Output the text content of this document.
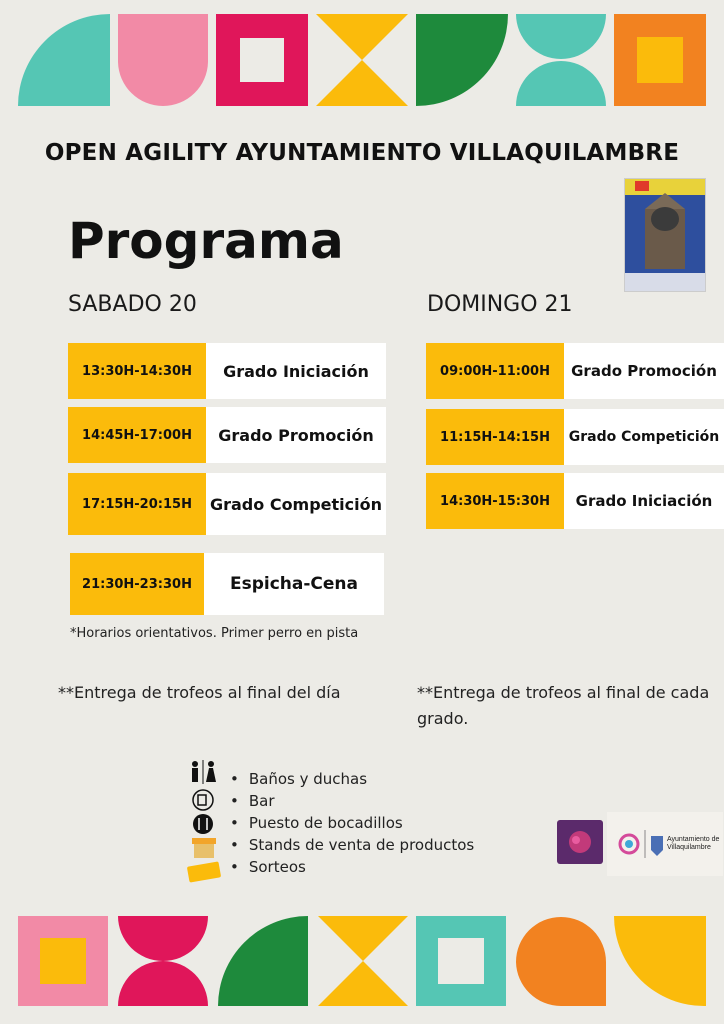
OPEN AGILITY AYUNTAMIENTO VILLAQUILAMBRE
Programa
SABADO 20	DOMINGO 21
13:30H-14:30H	Grado Iniciación
14:45H-17:00H	Grado Promoción
17:15H-20:15H	Grado Competición
21:30H-23:30H	Espicha-Cena
09:00H-11:00H	Grado Promoción
11:15H-14:15H	Grado Competición
14:30H-15:30H	Grado Iniciación
*Horarios orientativos. Primer perro en pista
**Entrega de trofeos al final del día	**Entrega de trofeos al final de cada grado.
• Baños y duchas
• Bar
• Puesto de bocadillos
• Stands de venta de productos
• Sorteos
Ayuntamiento de Villaquilambre
